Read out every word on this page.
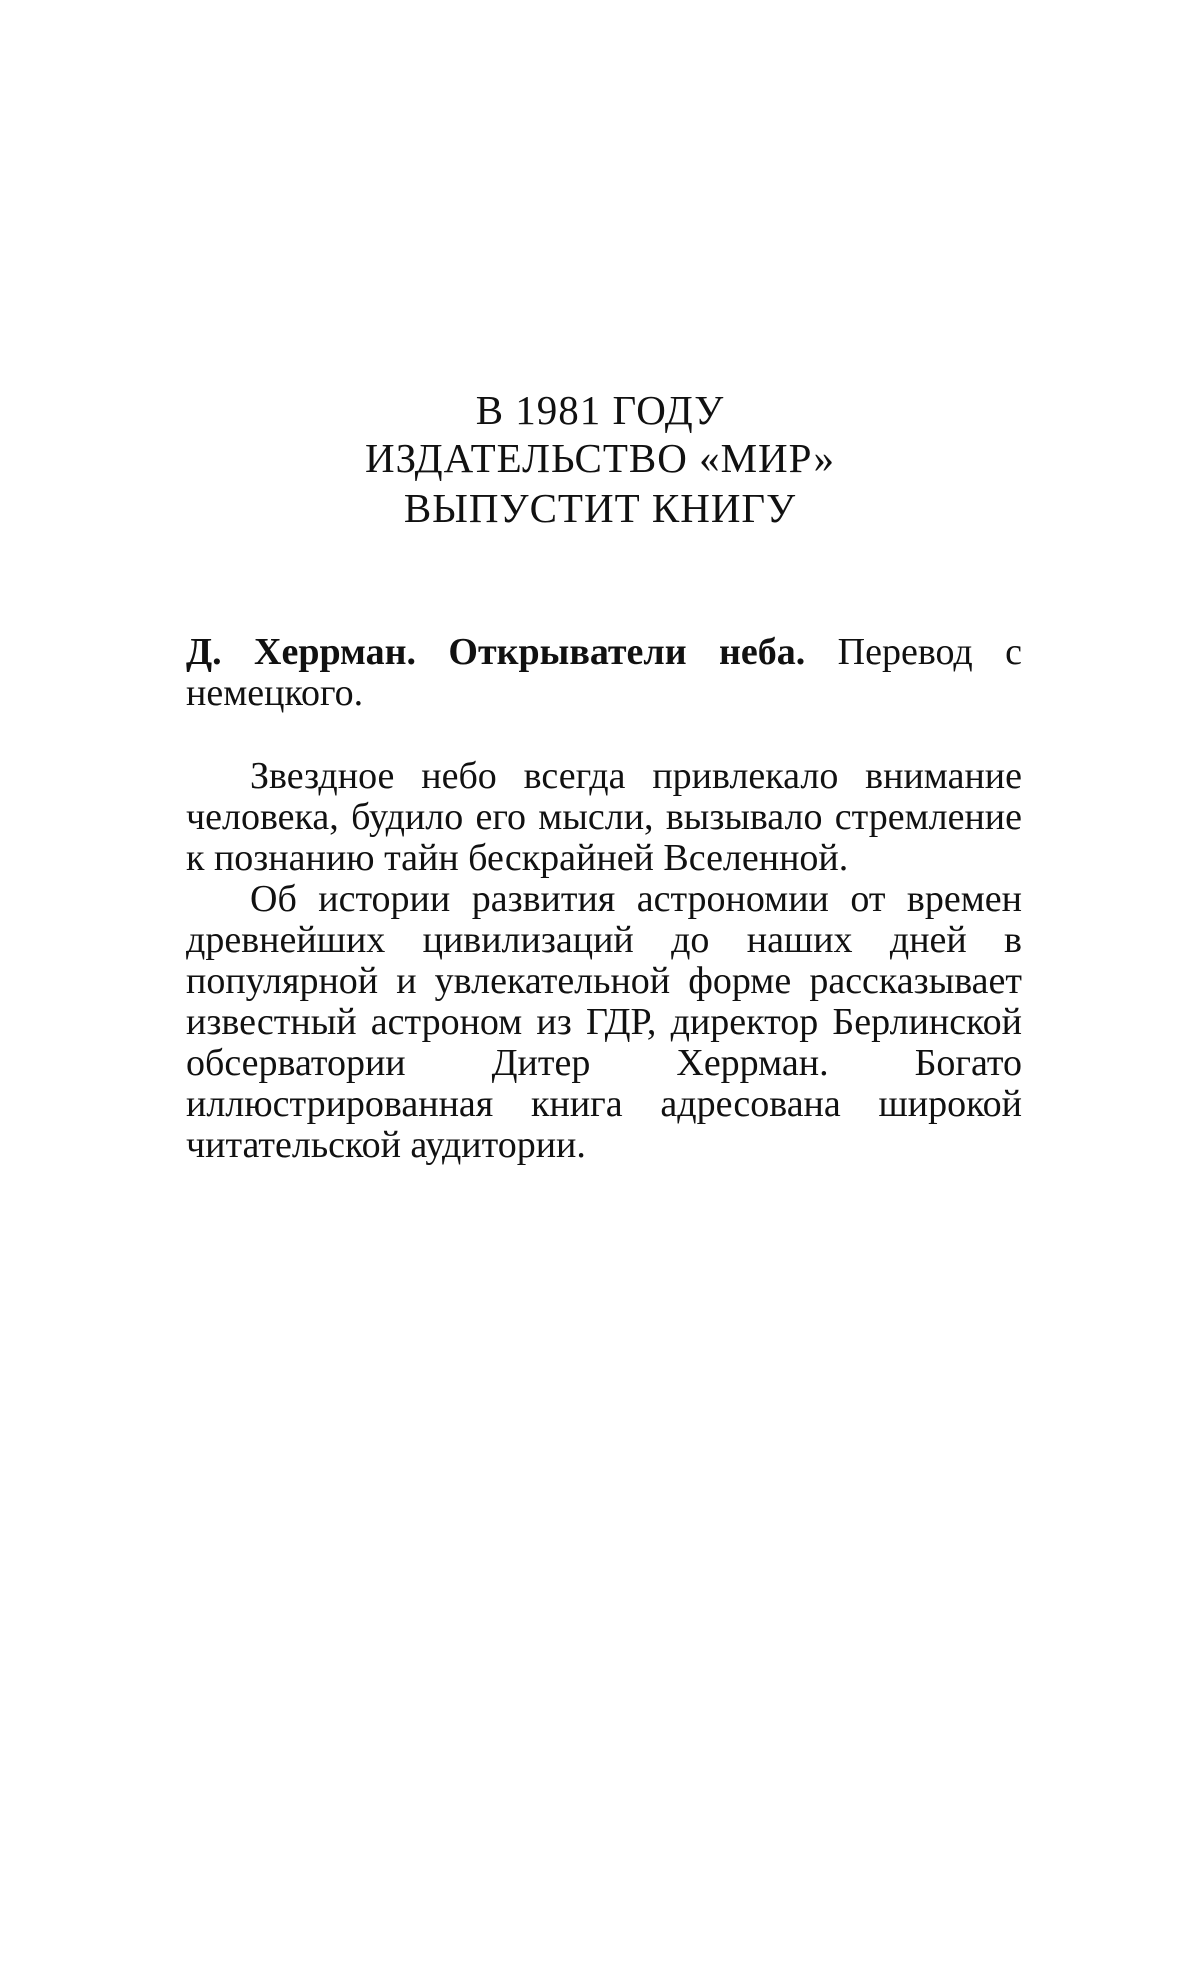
В 1981 ГОДУ
ИЗДАТЕЛЬСТВО «МИР»
ВЫПУСТИТ КНИГУ
Д. Херрман. Открыватели неба. Перевод с немецкого.

Звездное небо всегда привлекало внимание человека, будило его мысли, вызывало стремление к познанию тайн бескрайней Вселенной.

Об истории развития астрономии от времен древнейших цивилизаций до наших дней в популярной и увлекательной форме рассказывает известный астроном из ГДР, директор Берлинской обсерватории Дитер Херрман. Богато иллюстрированная книга адресована широкой читательской аудитории.
